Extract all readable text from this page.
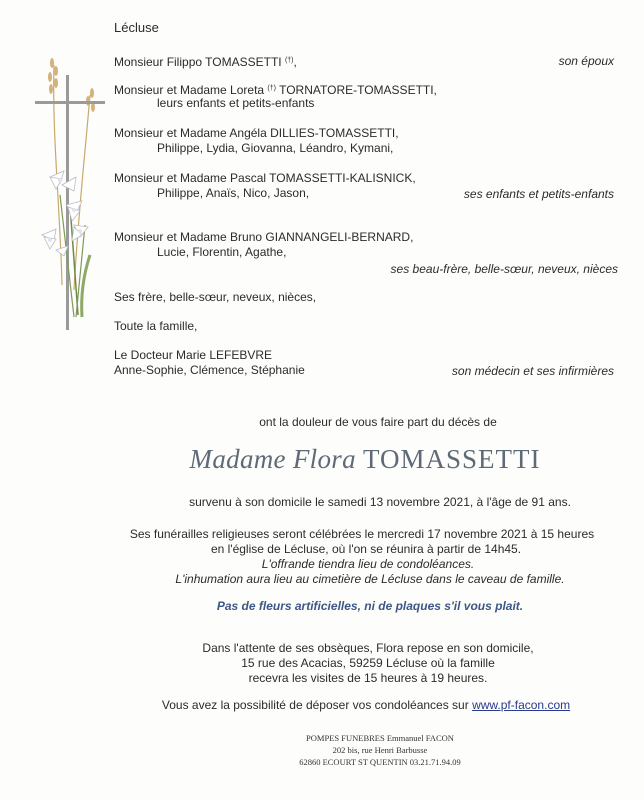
Lécluse
Monsieur Filippo TOMASSETTI (†),	son époux
Monsieur et Madame Loreta (†) TORNATORE-TOMASSETTI,
leurs enfants et petits-enfants
Monsieur et Madame Angéla DILLIES-TOMASSETTI,
Philippe, Lydia, Giovanna, Léandro, Kymani,
Monsieur et Madame Pascal TOMASSETTI-KALISNICK,
Philippe, Anaïs, Nico, Jason,	ses enfants et petits-enfants
Monsieur et Madame Bruno GIANNANGELI-BERNARD,
Lucie, Florentin, Agathe,
ses beau-frère, belle-sœur, neveux, nièces
Ses frère, belle-sœur, neveux, nièces,
Toute la famille,
Le Docteur Marie LEFEBVRE
Anne-Sophie, Clémence, Stéphanie	son médecin et ses infirmières
ont la douleur de vous faire part du décès de
Madame Flora TOMASSETTI
survenu à son domicile le samedi 13 novembre 2021, à l'âge de 91 ans.
Ses funérailles religieuses seront célébrées le mercredi 17 novembre 2021 à 15 heures
en l'église de Lécluse, où l'on se réunira à partir de 14h45.
L'offrande tiendra lieu de condoléances.
L'inhumation aura lieu au cimetière de Lécluse dans le caveau de famille.
Pas de fleurs artificielles, ni de plaques s'il vous plait.
Dans l'attente de ses obsèques, Flora repose en son domicile,
15 rue des Acacias, 59259 Lécluse où la famille
recevra les visites de 15 heures à 19 heures.
Vous avez la possibilité de déposer vos condoléances sur www.pf-facon.com
POMPES FUNEBRES Emmanuel FACON
202 bis, rue Henri Barbusse
62860 ECOURT ST QUENTIN 03.21.71.94.09
